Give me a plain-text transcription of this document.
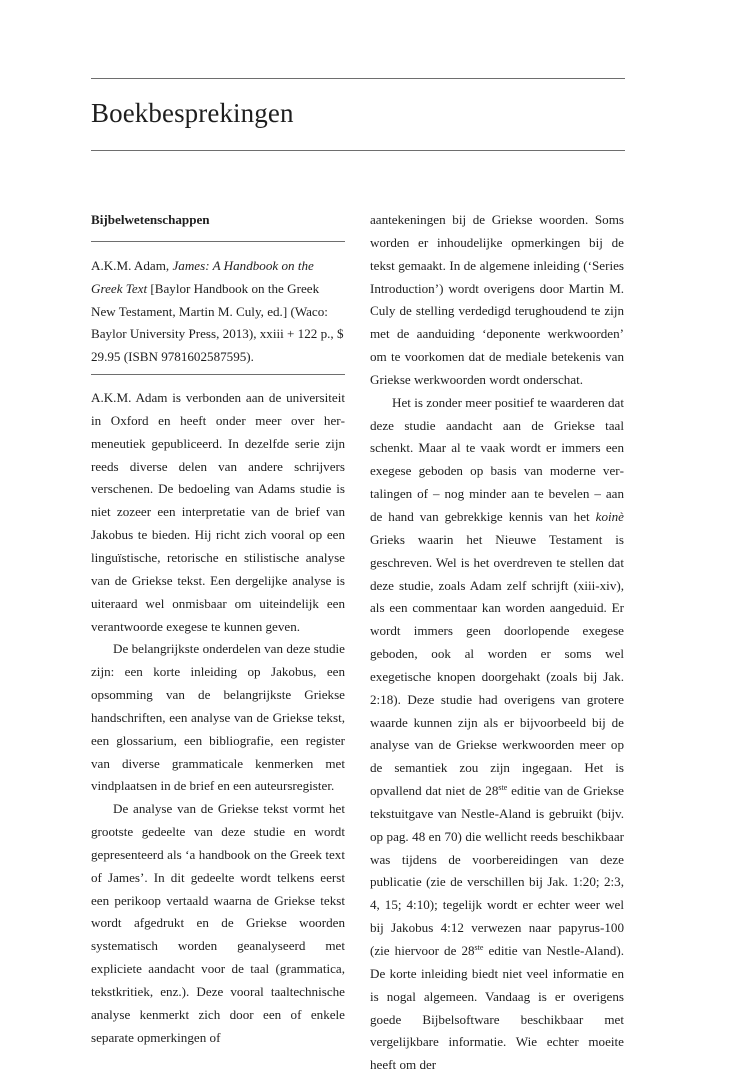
Boekbesprekingen
Bijbelwetenschappen

A.K.M. Adam, James: A Handbook on the Greek Text [Baylor Handbook on the Greek New Testament, Martin M. Culy, ed.] (Waco: Baylor University Press, 2013), xxiii + 122 p., $ 29.95 (ISBN 9781602587595).

A.K.M. Adam is verbonden aan de universiteit in Oxford en heeft onder meer over hermeneutiek gepubliceerd. In dezelfde serie zijn reeds diverse delen van andere schrijvers verschenen. De bedoeling van Adams studie is niet zozeer een interpretatie van de brief van Jakobus te bieden. Hij richt zich vooral op een linguïstische, retorische en stilistische analyse van de Griekse tekst. Een dergelijke analyse is uiteraard wel onmisbaar om uiteindelijk een verantwoorde exegese te kunnen geven.

De belangrijkste onderdelen van deze studie zijn: een korte inleiding op Jakobus, een opsomming van de belangrijkste Griekse handschriften, een analyse van de Griekse tekst, een glossarium, een bibliografie, een register van diverse grammaticale kenmerken met vindplaatsen in de brief en een auteursregister.

De analyse van de Griekse tekst vormt het grootste gedeelte van deze studie en wordt gepresenteerd als ‘a handbook on the Greek text of James’. In dit gedeelte wordt telkens eerst een perikoop vertaald waarna de Griekse tekst wordt afgedrukt en de Griekse woorden systematisch worden geanalyseerd met expliciete aandacht voor de taal (grammatica, tekstkritiek, enz.). Deze vooral taaltechnische analyse kenmerkt zich door een of enkele separate opmerkingen of

aantekeningen bij de Griekse woorden. Soms worden er inhoudelijke opmerkingen bij de tekst gemaakt. In de algemene inleiding (‘Series Introduction’) wordt overigens door Martin M. Culy de stelling verdedigd terughoudend te zijn met de aanduiding ‘deponente werkwoorden’ om te voorkomen dat de mediale betekenis van Griekse werkwoorden wordt onderschat.

Het is zonder meer positief te waarderen dat deze studie aandacht aan de Griekse taal schenkt. Maar al te vaak wordt er immers een exegese geboden op basis van moderne vertalingen of – nog minder aan te bevelen – aan de hand van gebrekkige kennis van het koinè Grieks waarin het Nieuwe Testament is geschreven. Wel is het overdreven te stellen dat deze studie, zoals Adam zelf schrijft (xiii-xiv), als een commentaar kan worden aangeduid. Er wordt immers geen doorlopende exegese geboden, ook al worden er soms wel exegetische knopen doorgehakt (zoals bij Jak. 2:18). Deze studie had overigens van grotere waarde kunnen zijn als er bijvoorbeeld bij de analyse van de Griekse werkwoorden meer op de semantiek zou zijn ingegaan. Het is opvallend dat niet de 28ste editie van de Griekse tekstuitgave van Nestle-Aland is gebruikt (bijv. op pag. 48 en 70) die wellicht reeds beschikbaar was tijdens de voorbereidingen van deze publicatie (zie de verschillen bij Jak. 1:20; 2:3, 4, 15; 4:10); tegelijk wordt er echter weer wel bij Jakobus 4:12 verwezen naar papyrus-100 (zie hiervoor de 28ste editie van Nestle-Aland). De korte inleiding biedt niet veel informatie en is nogal algemeen. Vandaag is er overigens goede Bijbelsoftware beschikbaar met vergelijkbare informatie. Wie echter moeite heeft om der
